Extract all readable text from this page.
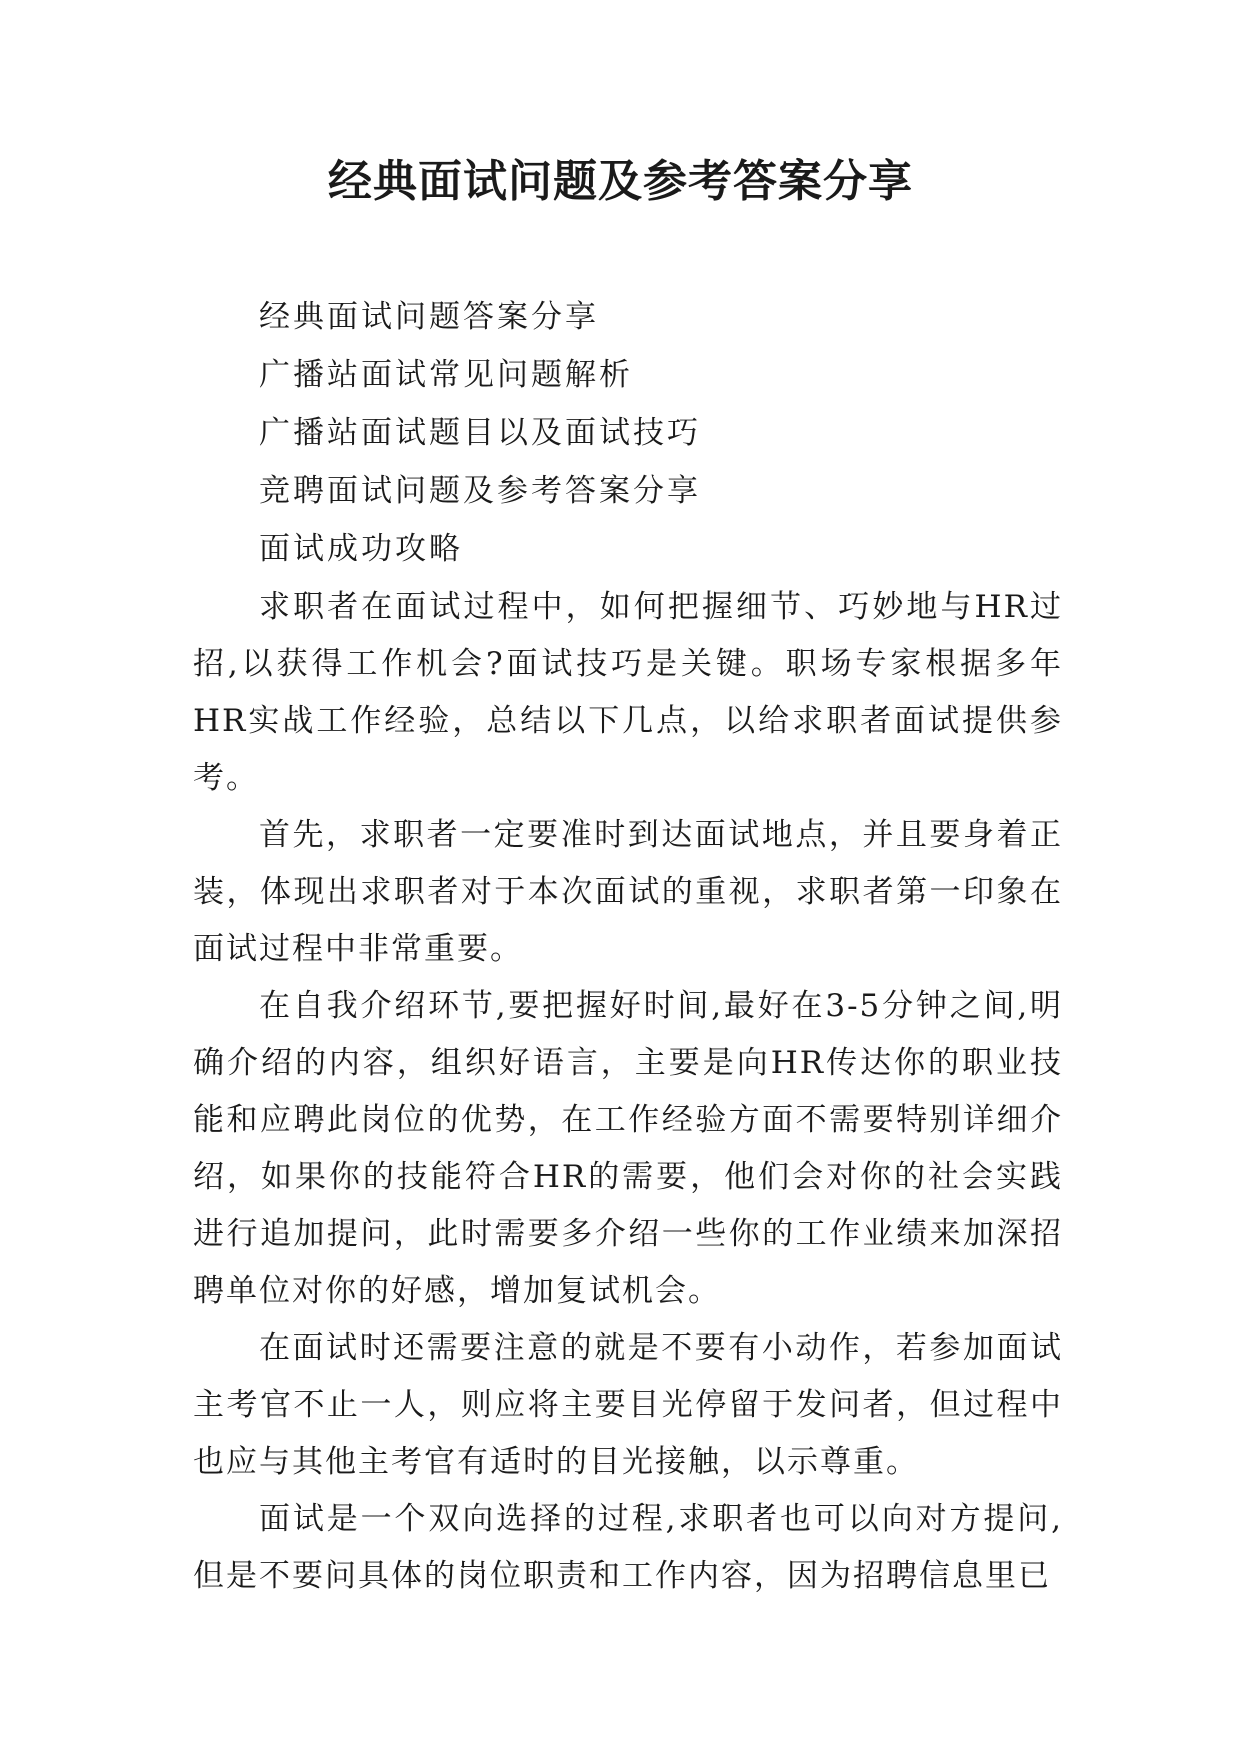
经典面试问题及参考答案分享
经典面试问题答案分享
广播站面试常见问题解析
广播站面试题目以及面试技巧
竞聘面试问题及参考答案分享
面试成功攻略

求职者在面试过程中，如何把握细节、巧妙地与HR过招,以获得工作机会?面试技巧是关键。职场专家根据多年HR实战工作经验，总结以下几点，以给求职者面试提供参考。

首先，求职者一定要准时到达面试地点，并且要身着正装，体现出求职者对于本次面试的重视，求职者第一印象在面试过程中非常重要。

在自我介绍环节,要把握好时间,最好在3-5分钟之间,明确介绍的内容，组织好语言，主要是向HR传达你的职业技能和应聘此岗位的优势，在工作经验方面不需要特别详细介绍，如果你的技能符合HR的需要，他们会对你的社会实践进行追加提问，此时需要多介绍一些你的工作业绩来加深招聘单位对你的好感，增加复试机会。

在面试时还需要注意的就是不要有小动作，若参加面试主考官不止一人，则应将主要目光停留于发问者，但过程中也应与其他主考官有适时的目光接触，以示尊重。

面试是一个双向选择的过程,求职者也可以向对方提问,但是不要问具体的岗位职责和工作内容，因为招聘信息里已
